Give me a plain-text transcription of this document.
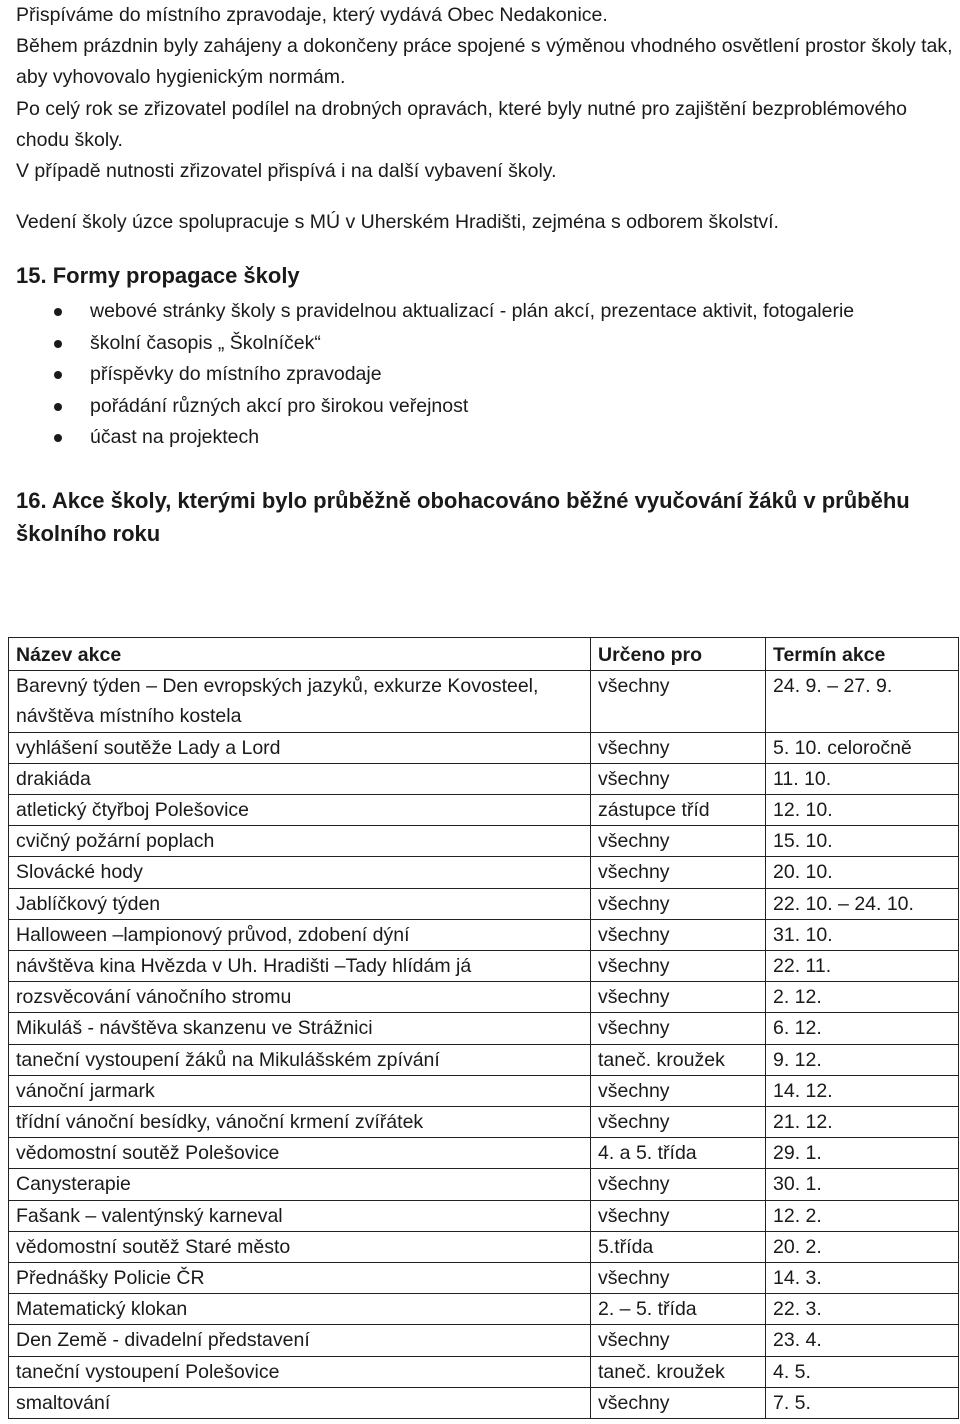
Přispíváme do místního zpravodaje, který vydává Obec Nedakonice.

Během prázdnin byly zahájeny a dokončeny práce spojené s výměnou vhodného osvětlení prostor školy tak, aby vyhovovalo hygienickým normám.

Po celý rok se zřizovatel podílel na drobných opravách, které byly nutné pro zajištění bezproblémového chodu školy.

V případě nutnosti zřizovatel přispívá i na další vybavení školy.

Vedení školy úzce spolupracuje s MÚ v Uherském Hradišti, zejména s odborem školství.

15. Formy propagace školy
webové stránky školy s pravidelnou aktualizací - plán akcí, prezentace aktivit, fotogalerie
školní časopis „ Školníček“
příspěvky do místního zpravodaje
pořádání různých akcí pro širokou veřejnost
účast na projektech
16. Akce školy, kterými bylo průběžně obohacováno běžné vyučování žáků v průběhu školního roku
Název akce	Určeno pro	Termín akce
Barevný týden – Den evropských jazyků, exkurze Kovosteel, návštěva místního kostela	všechny	24. 9. – 27. 9.
vyhlášení soutěže Lady a Lord	všechny	5. 10. celoročně
drakiáda	všechny	11. 10.
atletický čtyřboj Polešovice	zástupce tříd	12. 10.
cvičný požární poplach	všechny	15. 10.
Slovácké hody	všechny	20. 10.
Jablíčkový týden	všechny	22. 10. – 24. 10.
Halloween –lampionový průvod, zdobení dýní	všechny	31. 10.
návštěva kina Hvězda v Uh. Hradišti –Tady hlídám já	všechny	22. 11.
rozsvěcování vánočního stromu	všechny	2. 12.
Mikuláš - návštěva skanzenu ve Strážnici	všechny	6. 12.
taneční vystoupení žáků na Mikulášském zpívání	taneč. kroužek	9. 12.
vánoční jarmark	všechny	14. 12.
třídní vánoční besídky, vánoční krmení zvířátek	všechny	21. 12.
vědomostní soutěž Polešovice	4. a 5. třída	29. 1.
Canysterapie	všechny	30. 1.
Fašank – valentýnský karneval	všechny	12. 2.
vědomostní soutěž Staré město	5.třída	20. 2.
Přednášky Policie ČR	všechny	14. 3.
Matematický klokan	2. – 5. třída	22. 3.
Den Země - divadelní představení	všechny	23. 4.
taneční vystoupení Polešovice	taneč. kroužek	4. 5.
smaltování	všechny	7. 5.
